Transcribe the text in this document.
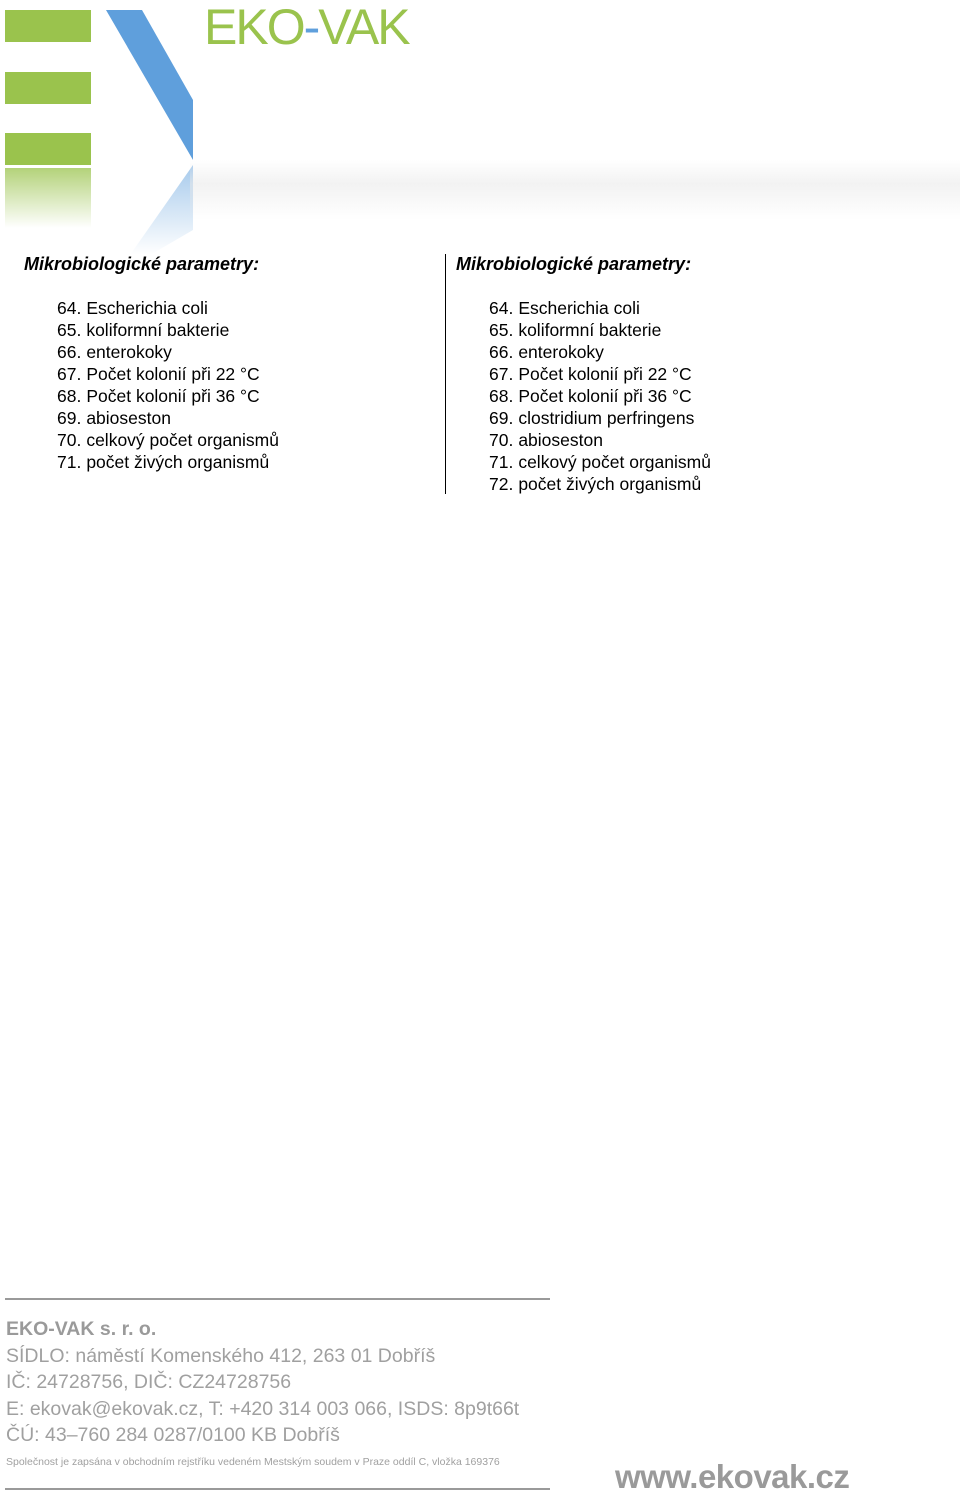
EKO-VAK
Mikrobiologické parametry:
64. Escherichia coli
65. koliformní bakterie
66. enterokoky
67. Počet kolonií při 22 °C
68. Počet kolonií při 36 °C
69. abioseston
70. celkový počet organismů
71. počet živých organismů
Mikrobiologické parametry:
64. Escherichia coli
65. koliformní bakterie
66. enterokoky
67. Počet kolonií při 22 °C
68. Počet kolonií při 36 °C
69. clostridium perfringens
70. abioseston
71. celkový počet organismů
72. počet živých organismů
EKO-VAK s. r. o.
SÍDLO: náměstí Komenského 412, 263 01 Dobříš
IČ: 24728756, DIČ: CZ24728756
E: ekovak@ekovak.cz, T: +420 314 003 066, ISDS: 8p9t66t
ČÚ: 43–760 284 0287/0100 KB Dobříš
Společnost je zapsána v obchodním rejstříku vedeném Mestským soudem v Praze oddíl C, vložka 169376	www.ekovak.cz
